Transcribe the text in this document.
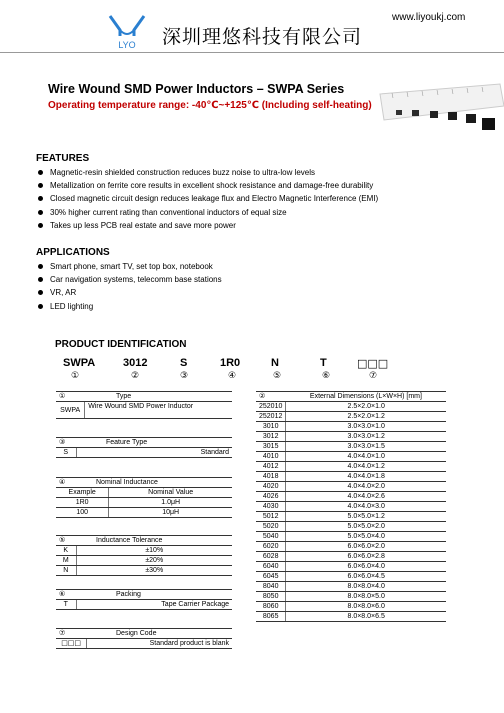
LYO 深圳理悠科技有限公司
www.liyoukj.com
Wire Wound SMD Power Inductors – SWPA Series
Operating temperature range: -40℃~+125℃ (Including self-heating)
FEATURES
Magnetic-resin shielded construction reduces buzz noise to ultra-low levels
Metallization on ferrite core results in excellent shock resistance and damage-free durability
Closed magnetic circuit design reduces leakage flux and Electro Magnetic Interference (EMI)
30% higher current rating than conventional inductors of equal size
Takes up less PCB real estate and save more power
APPLICATIONS
Smart phone, smart TV, set top box, notebook
Car navigation systems, telecomm base stations
VR, AR
LED lighting
PRODUCT IDENTIFICATION
SWPA	3012	S	1R0	N	T	□□□
①	②	③	④	⑤	⑥	⑦
①	Type	
SWPA		Wire Wound SMD Power Inductor
③	Feature Type
S	Standard
④	Nominal Inductance	
Example		Nominal Value
1R0		1.0μH
100		10μH
⑤	Inductance Tolerance
K	±10%
M	±20%
N	±30%
⑥	Packing
T	Tape Carrier Package
⑦	Design Code	
□□□		Standard product is blank
②	External Dimensions (L×W×H) [mm]
252010	2.5×2.0×1.0
252012	2.5×2.0×1.2
3010	3.0×3.0×1.0
3012	3.0×3.0×1.2
3015	3.0×3.0×1.5
4010	4.0×4.0×1.0
4012	4.0×4.0×1.2
4018	4.0×4.0×1.8
4020	4.0×4.0×2.0
4026	4.0×4.0×2.6
4030	4.0×4.0×3.0
5012	5.0×5.0×1.2
5020	5.0×5.0×2.0
5040	5.0×5.0×4.0
6020	6.0×6.0×2.0
6028	6.0×6.0×2.8
6040	6.0×6.0×4.0
6045	6.0×6.0×4.5
8040	8.0×8.0×4.0
8050	8.0×8.0×5.0
8060	8.0×8.0×6.0
8065	8.0×8.0×6.5
